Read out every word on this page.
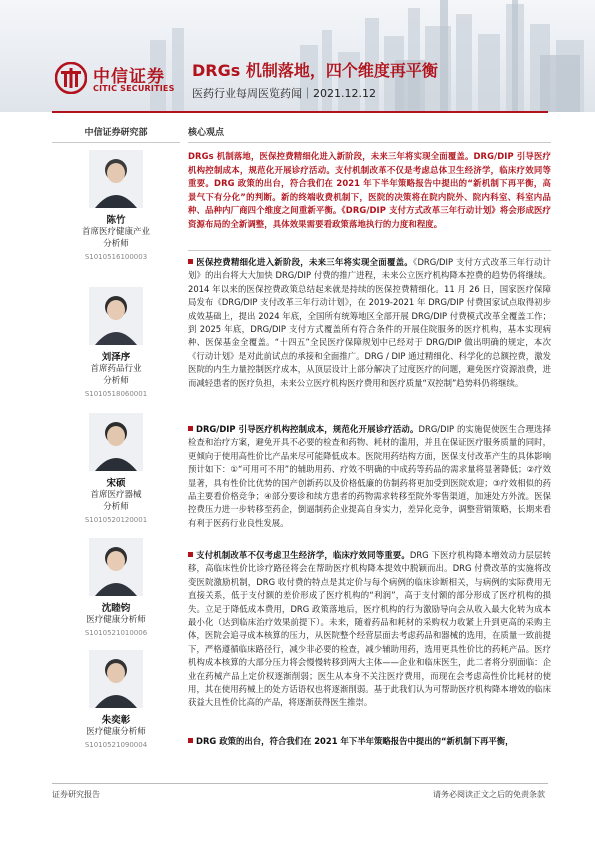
中信证券
CITIC SECURITIES
DRGs 机制落地，四个维度再平衡
医药行业每周医览药闻｜2021.12.12
中信证券研究部
陈竹
首席医疗健康产业
分析师
S1010516100003
刘泽序
首席药品行业
分析师
S1010518060001
宋硕
首席医疗器械
分析师
S1010520120001
沈睦钧
医疗健康分析师
S1010521010006
朱奕彰
医疗健康分析师
S1010521090004
核心观点
DRGs 机制落地，医保控费精细化进入新阶段，未来三年将实现全面覆盖。DRG/DIP 引导医疗机构控制成本，规范化开展诊疗活动。支付机制改革不仅是考虑总体卫生经济学，临床疗效同等重要。DRG 政策的出台，符合我们在 2021 年下半年策略报告中提出的“新机制下再平衡，高景气下有分化”的判断。新的终端收费机制下，医院的决策将在院内院外、院内科室、科室内品种、品种内厂商四个维度之间重新平衡。《DRG/DIP 支付方式改革三年行动计划》将会形成医疗资源布局的全新调整，具体效果需要看政策落地执行的力度和程度。
医保控费精细化进入新阶段，未来三年将实现全面覆盖。《DRG/DIP 支付方式改革三年行动计划》的出台将大大加快 DRG/DIP 付费的推广进程，未来公立医疗机构降本控费的趋势仍将继续。2014 年以来的医保控费政策总结起来就是持续的医保控费精细化。11 月 26 日，国家医疗保障局发布《DRG/DIP 支付改革三年行动计划》，在 2019-2021 年 DRG/DIP 付费国家试点取得初步成效基础上，提出 2024 年底，全国所有统筹地区全部开展 DRG/DIP 付费模式改革全覆盖工作；到 2025 年底，DRG/DIP 支付方式覆盖所有符合条件的开展住院服务的医疗机构，基本实现病种、医保基金全覆盖。“十四五”全民医疗保障规划中已经对于 DRG/DIP 做出明确的规定，本次《行动计划》是对此前试点的承接和全面推广。DRG / DIP 通过精细化、科学化的总额控费，激发医院的内生力量控制医疗成本，从顶层设计上部分解决了过度医疗的问题，避免医疗资源浪费，进而减轻患者的医疗负担，未来公立医疗机构医疗费用和医疗质量“双控制”趋势料仍将继续。
DRG/DIP 引导医疗机构控制成本，规范化开展诊疗活动。DRG/DIP 的实施促使医生合理选择检查和治疗方案，避免开具不必要的检查和药物、耗材的滥用，并且在保证医疗服务质量的同时，更倾向于使用高性价比产品来尽可能降低成本。医院用药结构方面，医保支付改革产生的具体影响预计如下：①“可用可不用”的辅助用药、疗效不明确的中成药等药品的需求量将显著降低；②疗效显著，具有性价比优势的国产创新药以及价格低廉的仿制药将更加受到医院欢迎；③疗效相似的药品主要看价格竞争；④部分要诊和续方患者的药物需求转移至院外零售渠道，加速处方外流。医保控费压力进一步转移至药企，倒逼制药企业提高自身实力，差异化竞争，调整营销策略，长期来看有利于医药行业良性发展。
支付机制改革不仅考虑卫生经济学，临床疗效同等重要。DRG 下医疗机构降本增效动力层层转移，高临床性价比诊疗路径将会在帮助医疗机构降本提效中脱颖而出。DRG 付费改革的实施将改变医院激励机制，DRG 收付费的特点是其定价与每个病例的临床诊断相关，与病例的实际费用无直接关系，低于支付额的差价形成了医疗机构的“利润”，高于支付额的部分形成了医疗机构的损失。立足于降低成本费用，DRG 政策落地后，医疗机构的行为激励导向会从收入最大化转为成本最小化（达到临床治疗效果前提下）。未来，随着药品和耗材的采购权力收紧上升到更高的采购主体，医院会追寻成本核算的压力，从医院整个经营层面去考虑药品和器械的选用，在质量一致前提下，严格遵循临床路径行，减少非必要的检查，减少辅助用药，选用更具性价比的药耗产品。医疗机构成本核算的大部分压力将会慢慢转移到两大主体——企业和临床医生，此二者将分别面临：企业在药械产品上定价权逐渐削弱；医生从本身不关注医疗费用，而现在会考虑高性价比耗材的使用，其在使用药械上的处方话语权也将逐渐削弱。基于此我们认为可帮助医疗机构降本增效的临床获益大且性价比高的产品，将逐渐获得医生推崇。
DRG 政策的出台，符合我们在 2021 年下半年策略报告中提出的“新机制下再平衡，
证券研究报告	请务必阅读正文之后的免责条款
